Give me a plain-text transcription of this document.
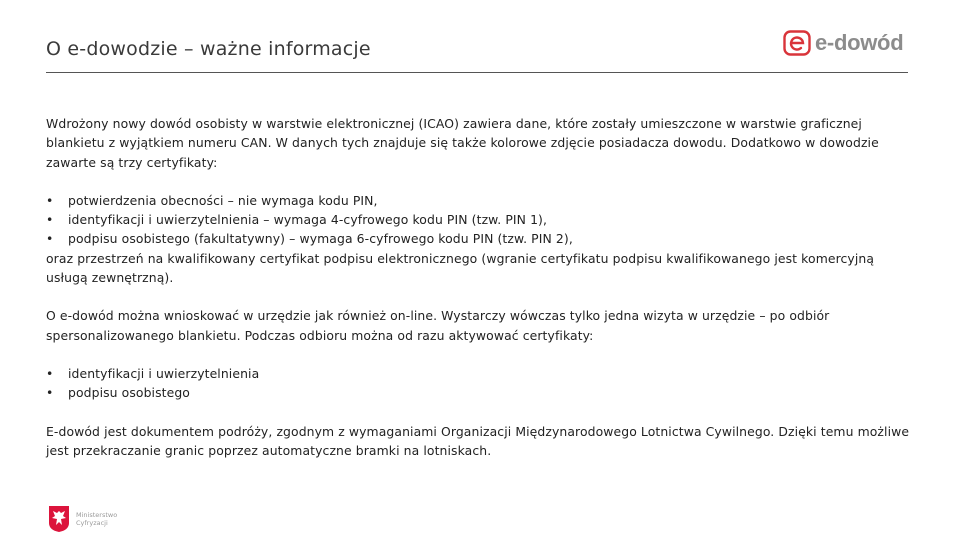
O e-dowodzie – ważne informacje	e-dowód

Wdrożony nowy dowód osobisty w warstwie elektronicznej (ICAO) zawiera dane, które zostały umieszczone w warstwie graficznej blankietu z wyjątkiem numeru CAN. W danych tych znajduje się także kolorowe zdjęcie posiadacza dowodu. Dodatkowo w dowodzie zawarte są trzy certyfikaty:

•	potwierdzenia obecności – nie wymaga kodu PIN,
•	identyfikacji i uwierzytelnienia – wymaga 4-cyfrowego kodu PIN (tzw. PIN 1),
•	podpisu osobistego (fakultatywny) – wymaga 6-cyfrowego kodu PIN (tzw. PIN 2),

oraz przestrzeń na kwalifikowany certyfikat podpisu elektronicznego (wgranie certyfikatu podpisu kwalifikowanego jest komercyjną usługą zewnętrzną).

O e-dowód można wnioskować w urzędzie jak również on-line. Wystarczy wówczas tylko jedna wizyta w urzędzie – po odbiór spersonalizowanego blankietu. Podczas odbioru można od razu aktywować certyfikaty:

•	identyfikacji i uwierzytelnienia
•	podpisu osobistego

E-dowód jest dokumentem podróży, zgodnym z wymaganiami Organizacji Międzynarodowego Lotnictwa Cywilnego. Dzięki temu możliwe jest przekraczanie granic poprzez automatyczne bramki na lotniskach.

Ministerstwo
Cyfryzacji
